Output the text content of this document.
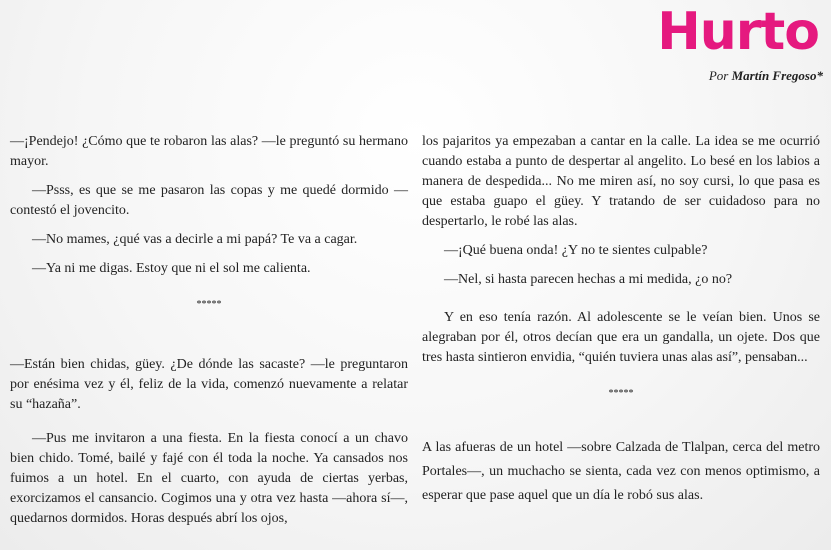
Hurto
Por Martín Fregoso*

—¡Pendejo! ¿Cómo que te robaron las alas? —le preguntó su hermano mayor.

—Psss, es que se me pasaron las copas y me quedé dormido —contestó el jovencito.

—No mames, ¿qué vas a decirle a mi papá? Te va a cagar.

—Ya ni me digas. Estoy que ni el sol me calienta.

*****

—Están bien chidas, güey. ¿De dónde las sacaste? —le preguntaron por enésima vez y él, feliz de la vida, comenzó nuevamente a relatar su “hazaña”.

—Pus me invitaron a una fiesta. En la fiesta conocí a un chavo bien chido. Tomé, bailé y fajé con él toda la noche. Ya cansados nos fuimos a un hotel. En el cuarto, con ayuda de ciertas yerbas, exorcizamos el cansancio. Cogimos una y otra vez hasta —ahora sí—, quedarnos dormidos. Horas después abrí los ojos,

los pajaritos ya empezaban a cantar en la calle. La idea se me ocurrió cuando estaba a punto de despertar al angelito. Lo besé en los labios a manera de despedida... No me miren así, no soy cursi, lo que pasa es que estaba guapo el güey. Y tratando de ser cuidadoso para no despertarlo, le robé las alas.

—¡Qué buena onda! ¿Y no te sientes culpable?

—Nel, si hasta parecen hechas a mi medida, ¿o no?

Y en eso tenía razón. Al adolescente se le veían bien. Unos se alegraban por él, otros decían que era un gandalla, un ojete. Dos que tres hasta sintieron envidia, “quién tuviera unas alas así”, pensaban...

*****

A las afueras de un hotel —sobre Calzada de Tlalpan, cerca del metro Portales—, un muchacho se sienta, cada vez con menos optimismo, a esperar que pase aquel que un día le robó sus alas.
